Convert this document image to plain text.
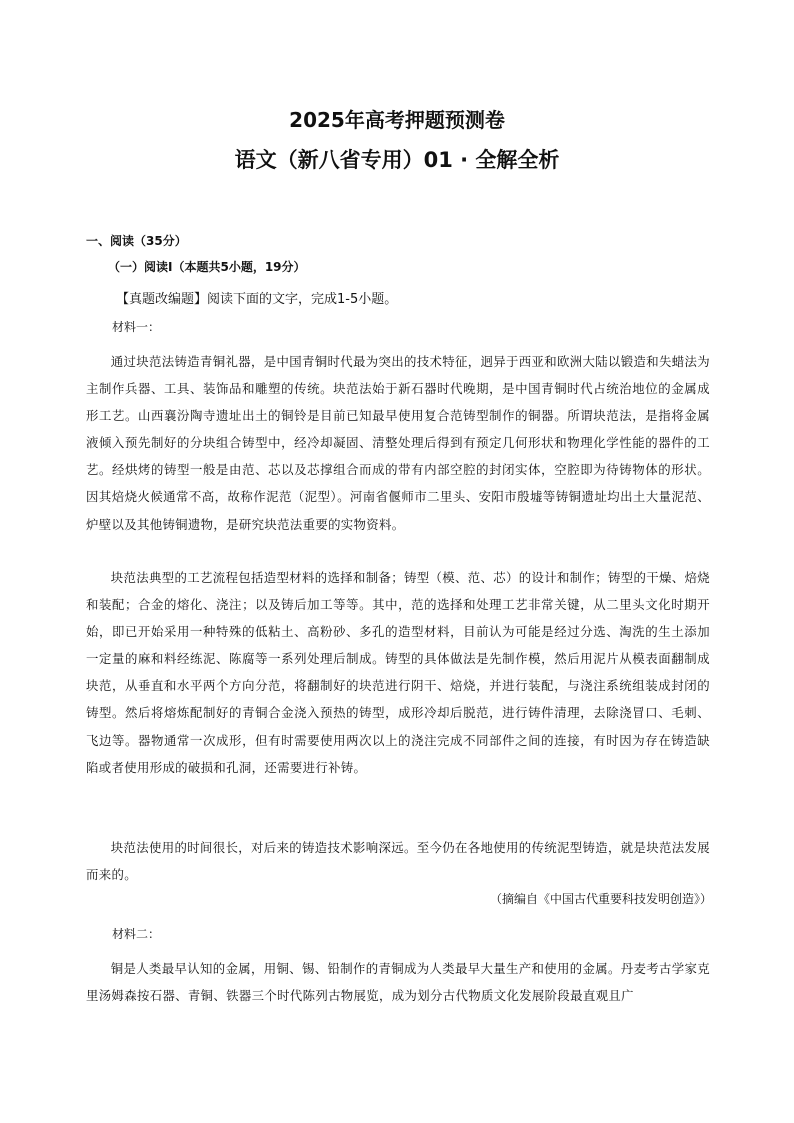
2025年高考押题预测卷
语文（新八省专用）01 · 全解全析
一、阅读（35分）
（一）阅读Ⅰ（本题共5小题，19分）
【真题改编题】阅读下面的文字，完成1-5小题。
材料一：

通过块范法铸造青铜礼器，是中国青铜时代最为突出的技术特征，迥异于西亚和欧洲大陆以锻造和失蜡法为主制作兵器、工具、装饰品和雕塑的传统。块范法始于新石器时代晚期，是中国青铜时代占统治地位的金属成形工艺。山西襄汾陶寺遗址出土的铜铃是目前已知最早使用复合范铸型制作的铜器。所谓块范法，是指将金属液倾入预先制好的分块组合铸型中，经冷却凝固、清整处理后得到有预定几何形状和物理化学性能的器件的工艺。经烘烤的铸型一般是由范、芯以及芯撑组合而成的带有内部空腔的封闭实体，空腔即为待铸物体的形状。因其焙烧火候通常不高，故称作泥范（泥型）。河南省偃师市二里头、安阳市殷墟等铸铜遗址均出土大量泥范、炉壁以及其他铸铜遗物，是研究块范法重要的实物资料。

块范法典型的工艺流程包括造型材料的选择和制备；铸型（模、范、芯）的设计和制作；铸型的干燥、焙烧和装配；合金的熔化、浇注；以及铸后加工等等。其中，范的选择和处理工艺非常关键，从二里头文化时期开始，即已开始采用一种特殊的低粘土、高粉砂、多孔的造型材料，目前认为可能是经过分选、淘洗的生土添加一定量的麻和料经练泥、陈腐等一系列处理后制成。铸型的具体做法是先制作模，然后用泥片从模表面翻制成块范，从垂直和水平两个方向分范，将翻制好的块范进行阴干、焙烧，并进行装配，与浇注系统组装成封闭的铸型。然后将熔炼配制好的青铜合金浇入预热的铸型，成形冷却后脱范，进行铸件清理，去除浇冒口、毛刺、飞边等。器物通常一次成形，但有时需要使用两次以上的浇注完成不同部件之间的连接，有时因为存在铸造缺陷或者使用形成的破损和孔洞，还需要进行补铸。

块范法使用的时间很长，对后来的铸造技术影响深远。至今仍在各地使用的传统泥型铸造，就是块范法发展而来的。

（摘编自《中国古代重要科技发明创造》）
材料二：

铜是人类最早认知的金属，用铜、锡、铅制作的青铜成为人类最早大量生产和使用的金属。丹麦考古学家克里汤姆森按石器、青铜、铁器三个时代陈列古物展览，成为划分古代物质文化发展阶段最直观且广
